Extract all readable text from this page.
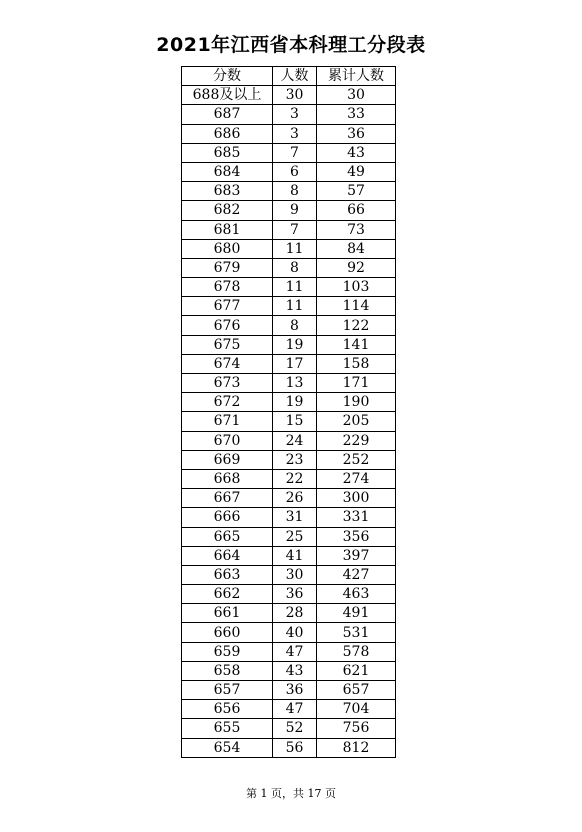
2021年江西省本科理工分段表
分数	人数	累计人数
688及以上	30	30
687	3	33
686	3	36
685	7	43
684	6	49
683	8	57
682	9	66
681	7	73
680	11	84
679	8	92
678	11	103
677	11	114
676	8	122
675	19	141
674	17	158
673	13	171
672	19	190
671	15	205
670	24	229
669	23	252
668	22	274
667	26	300
666	31	331
665	25	356
664	41	397
663	30	427
662	36	463
661	28	491
660	40	531
659	47	578
658	43	621
657	36	657
656	47	704
655	52	756
654	56	812
第 1 页，共 17 页
